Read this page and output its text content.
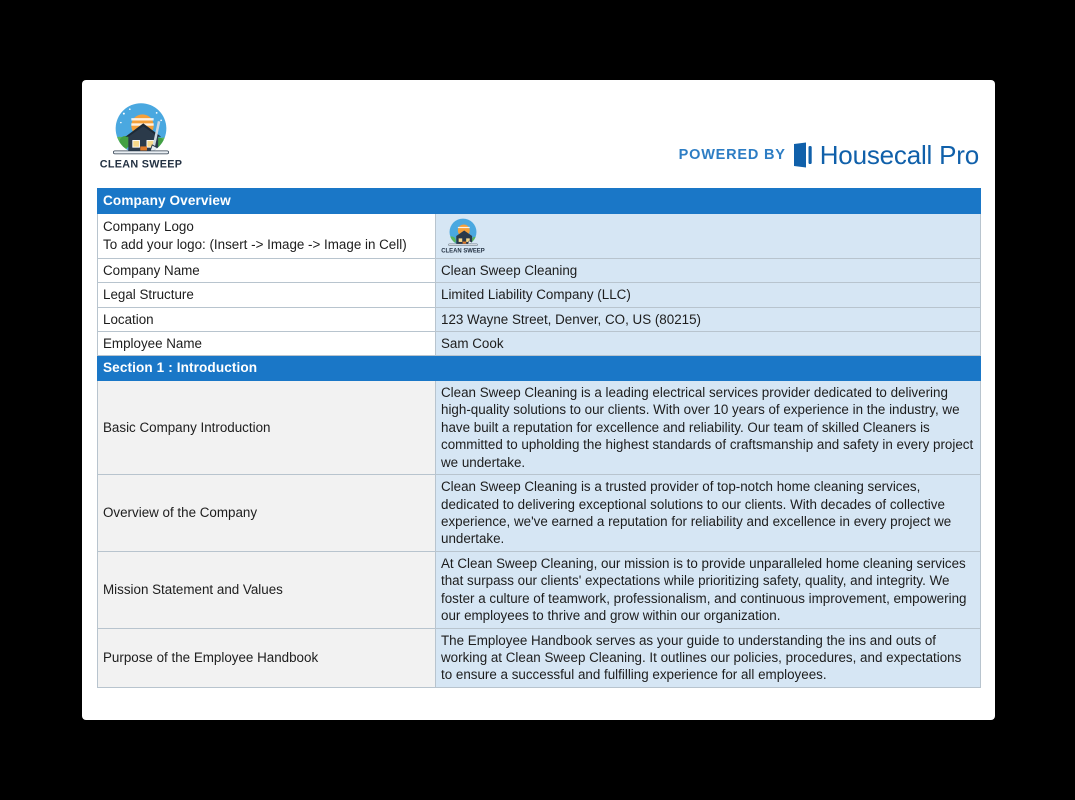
CLEAN SWEEP
POWERED BY Housecall Pro
Company Overview	

Company Logo
To add your logo: (Insert -> Image -> Image in Cell)	CLEAN SWEEP

Company Name	Clean Sweep Cleaning
Legal Structure	Limited Liability Company (LLC)
Location	123 Wayne Street, Denver, CO, US (80215)
Employee Name	Sam Cook
Section 1 : Introduction	
Basic Company Introduction	Clean Sweep Cleaning is a leading electrical services provider dedicated to delivering high-quality solutions to our clients. With over 10 years of experience in the industry, we have built a reputation for excellence and reliability. Our team of skilled Cleaners is committed to upholding the highest standards of craftsmanship and safety in every project we undertake.
Overview of the Company	Clean Sweep Cleaning is a trusted provider of top-notch home cleaning services, dedicated to delivering exceptional solutions to our clients. With decades of collective experience, we've earned a reputation for reliability and excellence in every project we undertake.
Mission Statement and Values	At Clean Sweep Cleaning, our mission is to provide unparalleled home cleaning services that surpass our clients' expectations while prioritizing safety, quality, and integrity. We foster a culture of teamwork, professionalism, and continuous improvement, empowering our employees to thrive and grow within our organization.
Purpose of the Employee Handbook	The Employee Handbook serves as your guide to understanding the ins and outs of working at Clean Sweep Cleaning. It outlines our policies, procedures, and expectations to ensure a successful and fulfilling experience for all employees.
